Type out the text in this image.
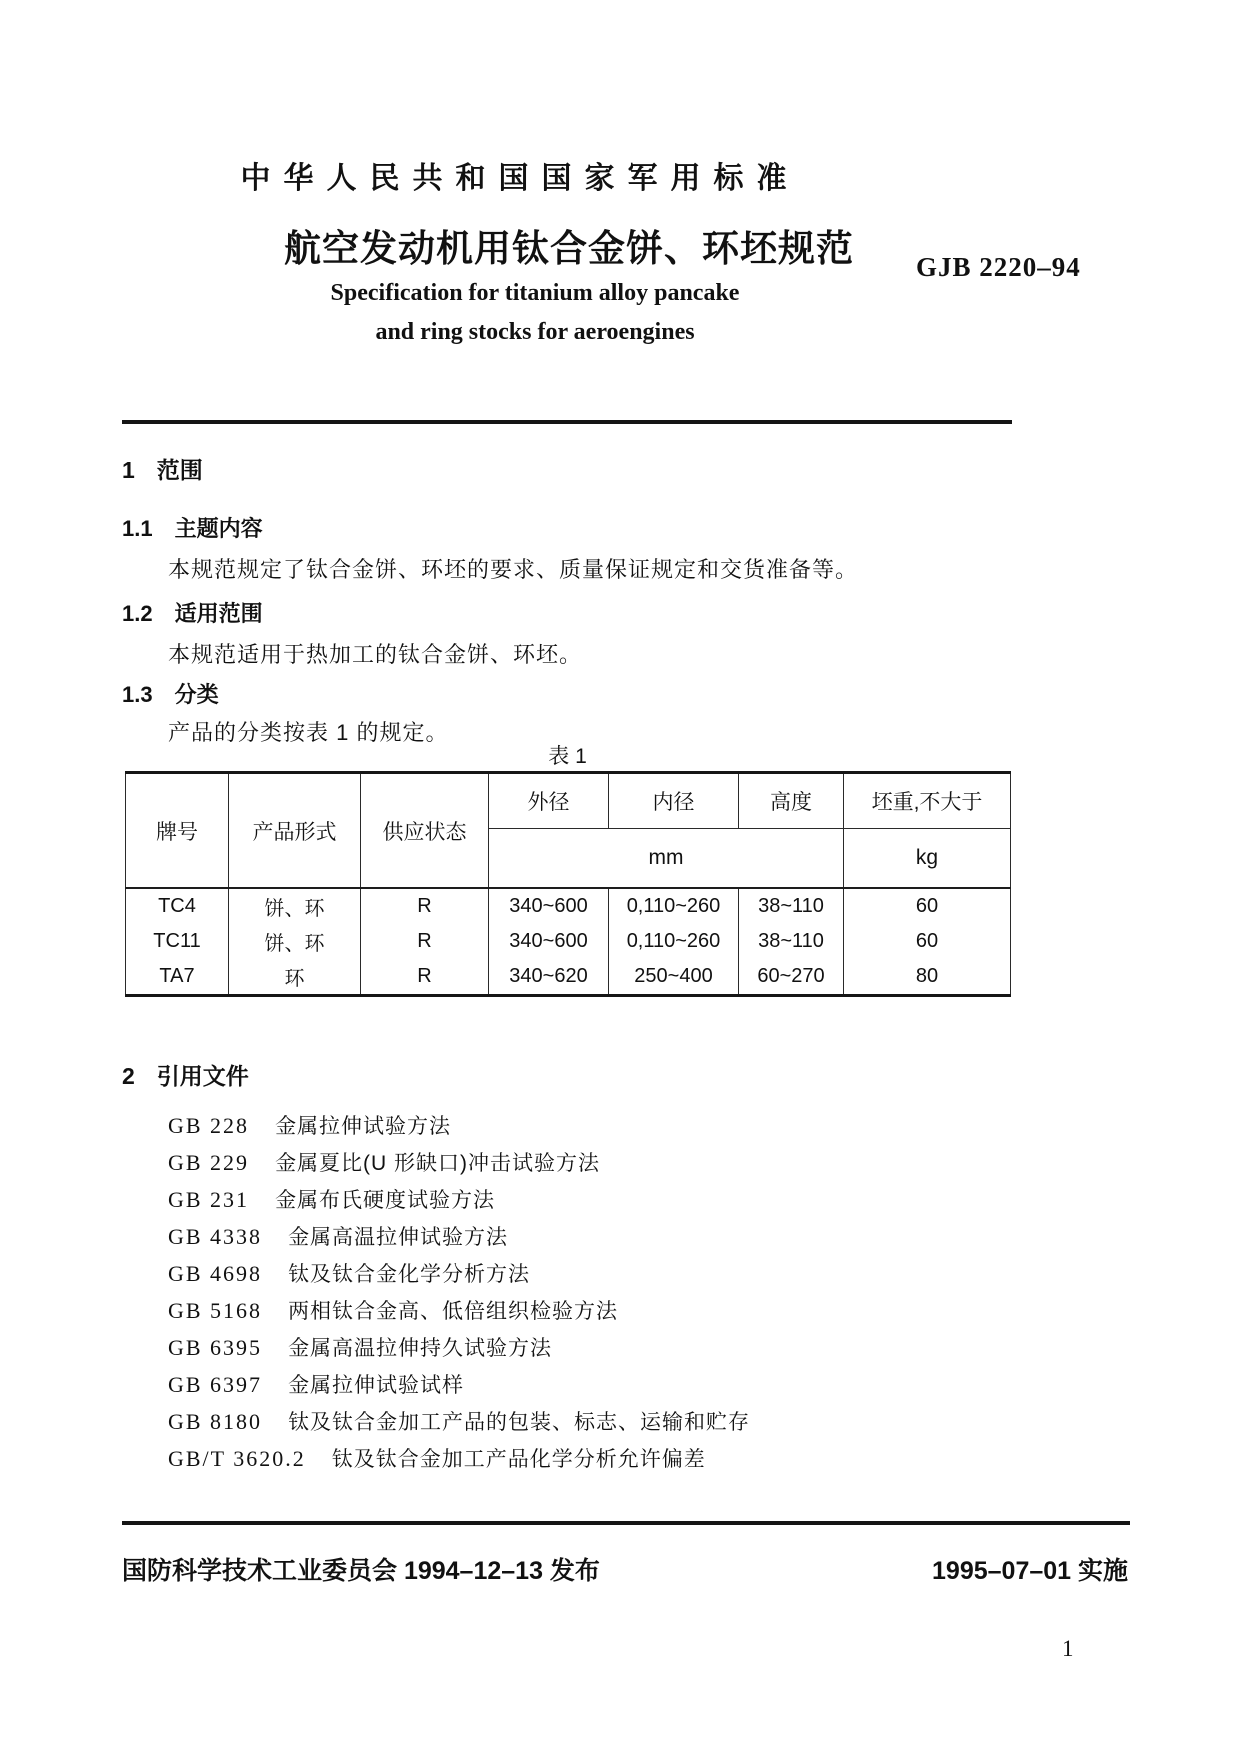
中华人民共和国国家军用标准
航空发动机用钛合金饼、环坯规范 GJB 2220–94
Specification for titanium alloy pancake
and ring stocks for aeroengines
1 范围
1.1 主题内容
本规范规定了钛合金饼、环坯的要求、质量保证规定和交货准备等。
1.2 适用范围
本规范适用于热加工的钛合金饼、环坯。
1.3 分类
产品的分类按表 1 的规定。
表 1
牌号	产品形式	供应状态	外径	内径	高度	坯重,不大于
			mm			kg
TC4	饼、环	R	340~600	0,110~260	38~110	60
TC11	饼、环	R	340~600	0,110~260	38~110	60
TA7	环	R	340~620	250~400	60~270	80
2 引用文件
GB 228 金属拉伸试验方法
GB 229 金属夏比(U 形缺口)冲击试验方法
GB 231 金属布氏硬度试验方法
GB 4338 金属高温拉伸试验方法
GB 4698 钛及钛合金化学分析方法
GB 5168 两相钛合金高、低倍组织检验方法
GB 6395 金属高温拉伸持久试验方法
GB 6397 金属拉伸试验试样
GB 8180 钛及钛合金加工产品的包装、标志、运输和贮存
GB/T 3620.2 钛及钛合金加工产品化学分析允许偏差
国防科学技术工业委员会 1994–12–13 发布	1995–07–01 实施
1
